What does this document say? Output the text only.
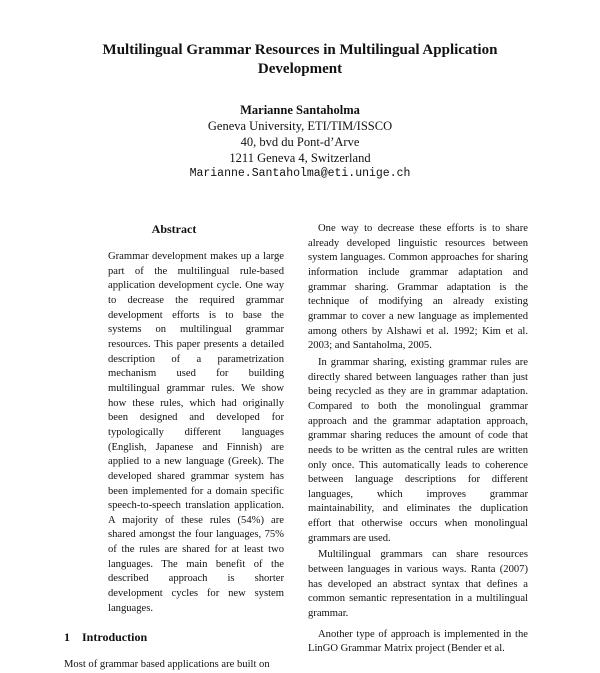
Multilingual Grammar Resources in Multilingual Application Development
Marianne Santaholma
Geneva University, ETI/TIM/ISSCO
40, bvd du Pont-d’Arve
1211 Geneva 4, Switzerland
Marianne.Santaholma@eti.unige.ch
Abstract

Grammar development makes up a large part of the multilingual rule-based application development cycle. One way to decrease the required grammar development efforts is to base the systems on multilingual grammar resources. This paper presents a detailed description of a parametrization mechanism used for building multilingual grammar rules. We show how these rules, which had originally been designed and developed for typologically different languages (English, Japanese and Finnish) are applied to a new language (Greek). The developed shared grammar system has been implemented for a domain specific speech-to-speech translation application. A majority of these rules (54%) are shared amongst the four languages, 75% of the rules are shared for at least two languages. The main benefit of the described approach is shorter development cycles for new system languages.

1 Introduction

Most of grammar based applications are built on

One way to decrease these efforts is to share already developed linguistic resources between system languages. Common approaches for sharing information include grammar adaptation and grammar sharing. Grammar adaptation is the technique of modifying an already existing grammar to cover a new language as implemented among others by Alshawi et al. 1992; Kim et al. 2003; and Santaholma, 2005.

In grammar sharing, existing grammar rules are directly shared between languages rather than just being recycled as they are in grammar adaptation. Compared to both the monolingual grammar approach and the grammar adaptation approach, grammar sharing reduces the amount of code that needs to be written as the central rules are written only once. This automatically leads to coherence between language descriptions for different languages, which improves grammar maintainability, and eliminates the duplication effort that otherwise occurs when monolingual grammars are used.

Multilingual grammars can share resources between languages in various ways. Ranta (2007) has developed an abstract syntax that defines a common semantic representation in a multilingual grammar.

Another type of approach is implemented in the LinGO Grammar Matrix project (Bender et al.
